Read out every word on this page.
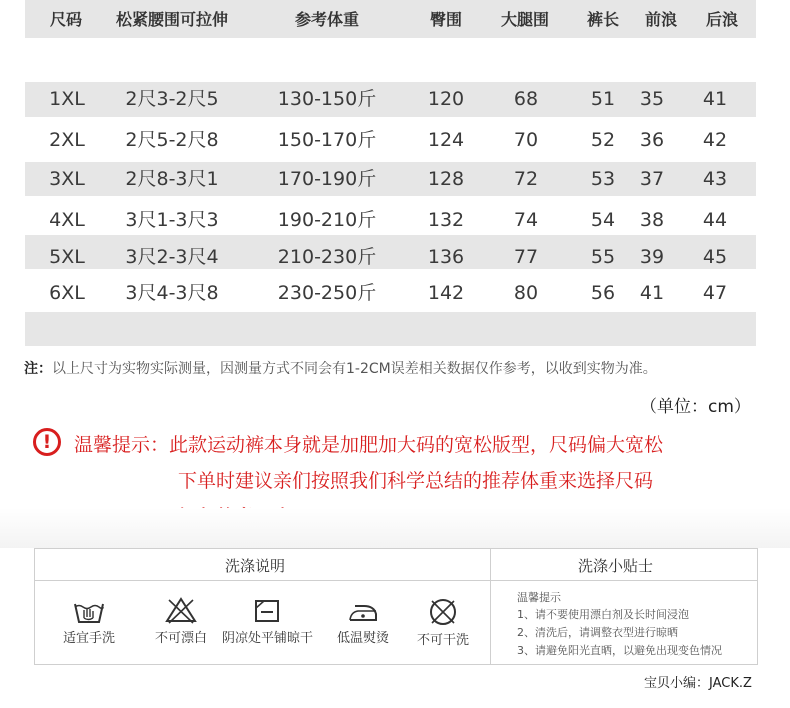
尺码 松紧腰围可拉伸	参考体重	臀围 大腿围 裤长 前浪 后浪
1XL 2尺3-2尺5	130-150斤	120	68	51 35 41
2XL 2尺5-2尺8	150-170斤	124	70	52 36 42
3XL 2尺8-3尺1	170-190斤	128	72	53 37 43
4XL 3尺1-3尺3	190-210斤	132	74	54 38 44
5XL 3尺2-3尺4	210-230斤	136	77	55 39 45
6XL 3尺4-3尺8	230-250斤	142	80	56 41 47
注：以上尺寸为实物实际测量，因测量方式不同会有1-2CM误差相关数据仅作参考，以收到实物为准。
（单位：cm）
!	温馨提示：此款运动裤本身就是加肥加大码的宽松版型，尺码偏大宽松
下单时建议亲们按照我们科学总结的推荐体重来选择尺码
洗涤说明	洗涤小贴士
适宜手洗	不可漂白	阴凉处平铺晾干	低温熨烫	不可干洗
温馨提示
1、请不要使用漂白剂及长时间浸泡
2、清洗后，请调整衣型进行晾晒
3、请避免阳光直晒，以避免出现变色情况
宝贝小编：JACK.Z
